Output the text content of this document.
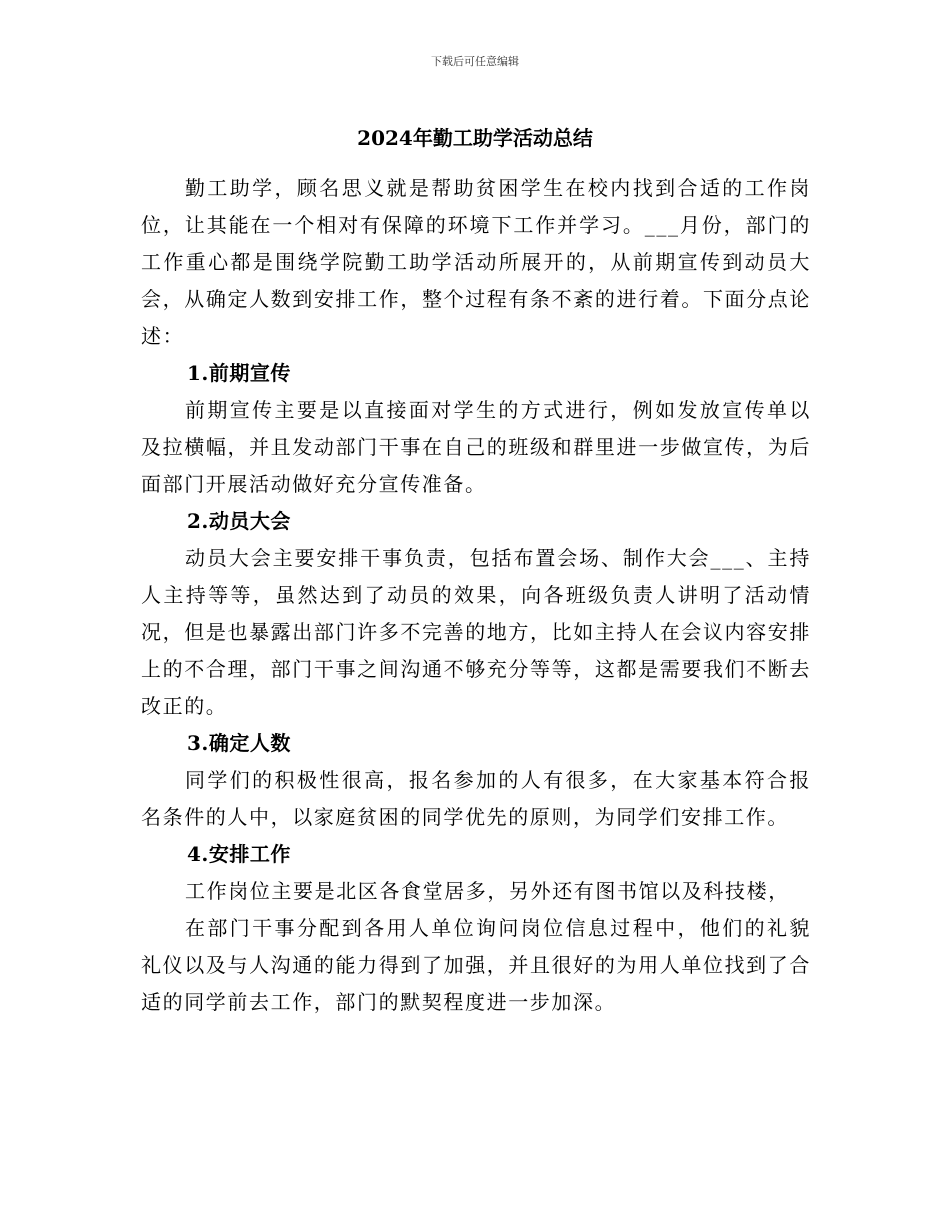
下载后可任意编辑
2024年勤工助学活动总结

勤工助学，顾名思义就是帮助贫困学生在校内找到合适的工作岗位，让其能在一个相对有保障的环境下工作并学习。___月份，部门的工作重心都是围绕学院勤工助学活动所展开的，从前期宣传到动员大会，从确定人数到安排工作，整个过程有条不紊的进行着。下面分点论述：

1.前期宣传

前期宣传主要是以直接面对学生的方式进行，例如发放宣传单以及拉横幅，并且发动部门干事在自己的班级和群里进一步做宣传，为后面部门开展活动做好充分宣传准备。

2.动员大会

动员大会主要安排干事负责，包括布置会场、制作大会___、主持人主持等等，虽然达到了动员的效果，向各班级负责人讲明了活动情况，但是也暴露出部门许多不完善的地方，比如主持人在会议内容安排上的不合理，部门干事之间沟通不够充分等等，这都是需要我们不断去改正的。

3.确定人数

同学们的积极性很高，报名参加的人有很多，在大家基本符合报名条件的人中，以家庭贫困的同学优先的原则，为同学们安排工作。

4.安排工作

工作岗位主要是北区各食堂居多，另外还有图书馆以及科技楼，

在部门干事分配到各用人单位询问岗位信息过程中，他们的礼貌礼仪以及与人沟通的能力得到了加强，并且很好的为用人单位找到了合适的同学前去工作，部门的默契程度进一步加深。
